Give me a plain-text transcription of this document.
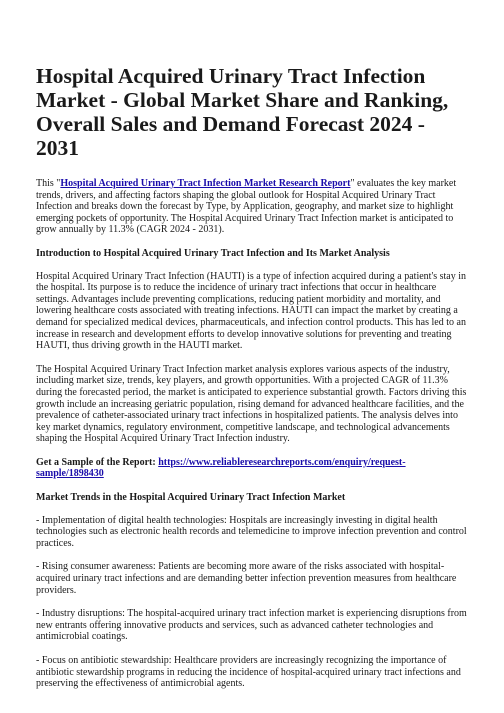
Hospital Acquired Urinary Tract Infection Market - Global Market Share and Ranking, Overall Sales and Demand Forecast 2024 - 2031

This "Hospital Acquired Urinary Tract Infection Market Research Report" evaluates the key market trends, drivers, and affecting factors shaping the global outlook for Hospital Acquired Urinary Tract Infection and breaks down the forecast by Type, by Application, geography, and market size to highlight emerging pockets of opportunity. The Hospital Acquired Urinary Tract Infection market is anticipated to grow annually by 11.3% (CAGR 2024 - 2031).

Introduction to Hospital Acquired Urinary Tract Infection and Its Market Analysis

Hospital Acquired Urinary Tract Infection (HAUTI) is a type of infection acquired during a patient's stay in the hospital. Its purpose is to reduce the incidence of urinary tract infections that occur in healthcare settings. Advantages include preventing complications, reducing patient morbidity and mortality, and lowering healthcare costs associated with treating infections. HAUTI can impact the market by creating a demand for specialized medical devices, pharmaceuticals, and infection control products. This has led to an increase in research and development efforts to develop innovative solutions for preventing and treating HAUTI, thus driving growth in the HAUTI market.

The Hospital Acquired Urinary Tract Infection market analysis explores various aspects of the industry, including market size, trends, key players, and growth opportunities. With a projected CAGR of 11.3% during the forecasted period, the market is anticipated to experience substantial growth. Factors driving this growth include an increasing geriatric population, rising demand for advanced healthcare facilities, and the prevalence of catheter-associated urinary tract infections in hospitalized patients. The analysis delves into key market dynamics, regulatory environment, competitive landscape, and technological advancements shaping the Hospital Acquired Urinary Tract Infection industry.

Get a Sample of the Report: https://www.reliableresearchreports.com/enquiry/request-sample/1898430

Market Trends in the Hospital Acquired Urinary Tract Infection Market

- Implementation of digital health technologies: Hospitals are increasingly investing in digital health technologies such as electronic health records and telemedicine to improve infection prevention and control practices.

- Rising consumer awareness: Patients are becoming more aware of the risks associated with hospital-acquired urinary tract infections and are demanding better infection prevention measures from healthcare providers.

- Industry disruptions: The hospital-acquired urinary tract infection market is experiencing disruptions from new entrants offering innovative products and services, such as advanced catheter technologies and antimicrobial coatings.

- Focus on antibiotic stewardship: Healthcare providers are increasingly recognizing the importance of antibiotic stewardship programs in reducing the incidence of hospital-acquired urinary tract infections and preserving the effectiveness of antimicrobial agents.
